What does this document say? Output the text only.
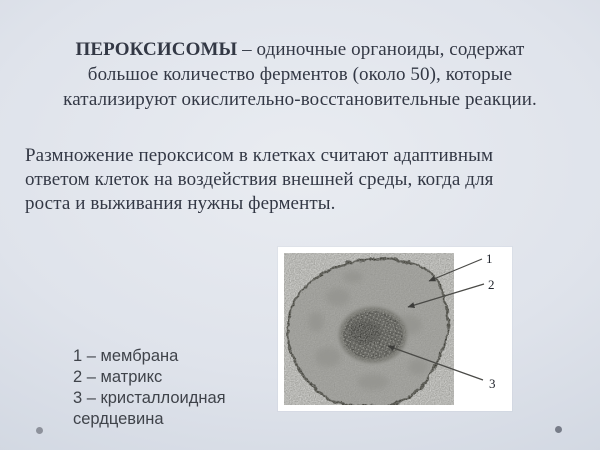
ПЕРОКСИСОМЫ – одиночные органоиды, содержат
большое количество ферментов (около 50), которые
катализируют окислительно-восстановительные реакции.
Размножение пероксисом в клетках считают адаптивным
ответом клеток на воздействия внешней среды, когда для
роста и выживания нужны ферменты.
1 – мембрана
2 – матрикс
3 – кристаллоидная сердцевина
1
2
3
